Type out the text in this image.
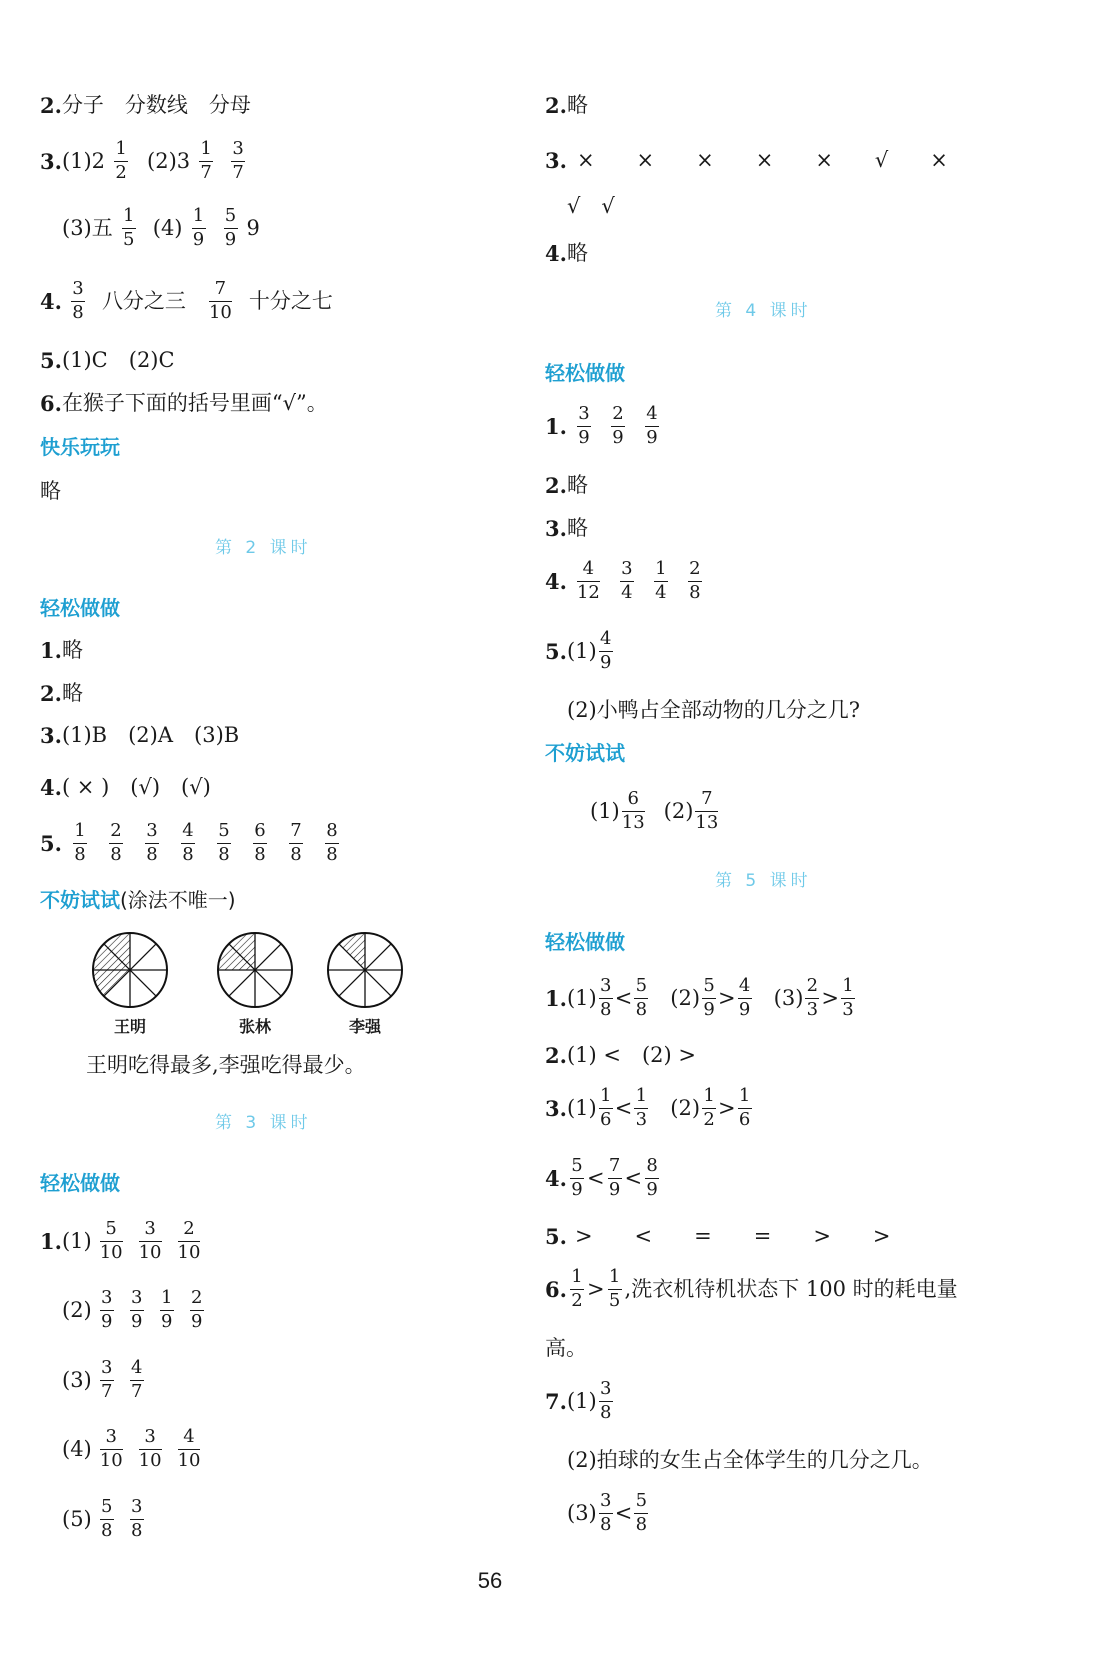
2. 分子　分数线　分母
3. (1)2
1
2 (2)3
1
7
3
7
(3)五
1
5 (4)
1
9
5
9 9
4.
3
8 八分之三
7
10 十分之七
5. (1)C　(2)C
6. 在猴子下面的括号里画“√”。
快乐玩玩
略
第 2 课时
轻松做做
1. 略
2. 略
3. (1)B　(2)A　(3)B
4. ( × )　(√)　(√)
5.
1
8
2
8
3
8
4
8
5
8
6
8
7
8
8
8
不妨试试 (涂法不唯一)
王明	张林	李强
王明吃得最多,李强吃得最少。
第 3 课时
轻松做做
1. (1)
5
10
3
10
2
10
(2)
3
9
3
9
1
9
2
9
(3)
3
7
4
7
(4)
3
10
3
10
4
10
(5)
5
8
3
8
2. 略
3. ×　　×　　×　　×　　×　　√　　×
√　√
4. 略
第 4 课时
轻松做做
1.
3
9
2
9
4
9
2. 略
3. 略
4.
4
12
3
4
1
4
2
8
5. (1)
4
9
(2)小鸭占全部动物的几分之几?
不妨试试
(1)
6
13 (2)
7
13
第 5 课时
轻松做做
1. (1)
3
8 <
5
8 (2)
5
9 >
4
9 (3)
2
3 >
1
3
2. (1) <　(2) >
3. (1)
1
6 <
1
3 (2)
1
2 >
1
6
4.
5
9 <
7
9 <
8
9
5. >　　<　　=　　=　　>　　>
6.
1
2 >
1
5 ,洗衣机待机状态下 100 时的耗电量
高。
7. (1)
3
8
(2)拍球的女生占全体学生的几分之几。
(3)
3
8 <
5
8
56
